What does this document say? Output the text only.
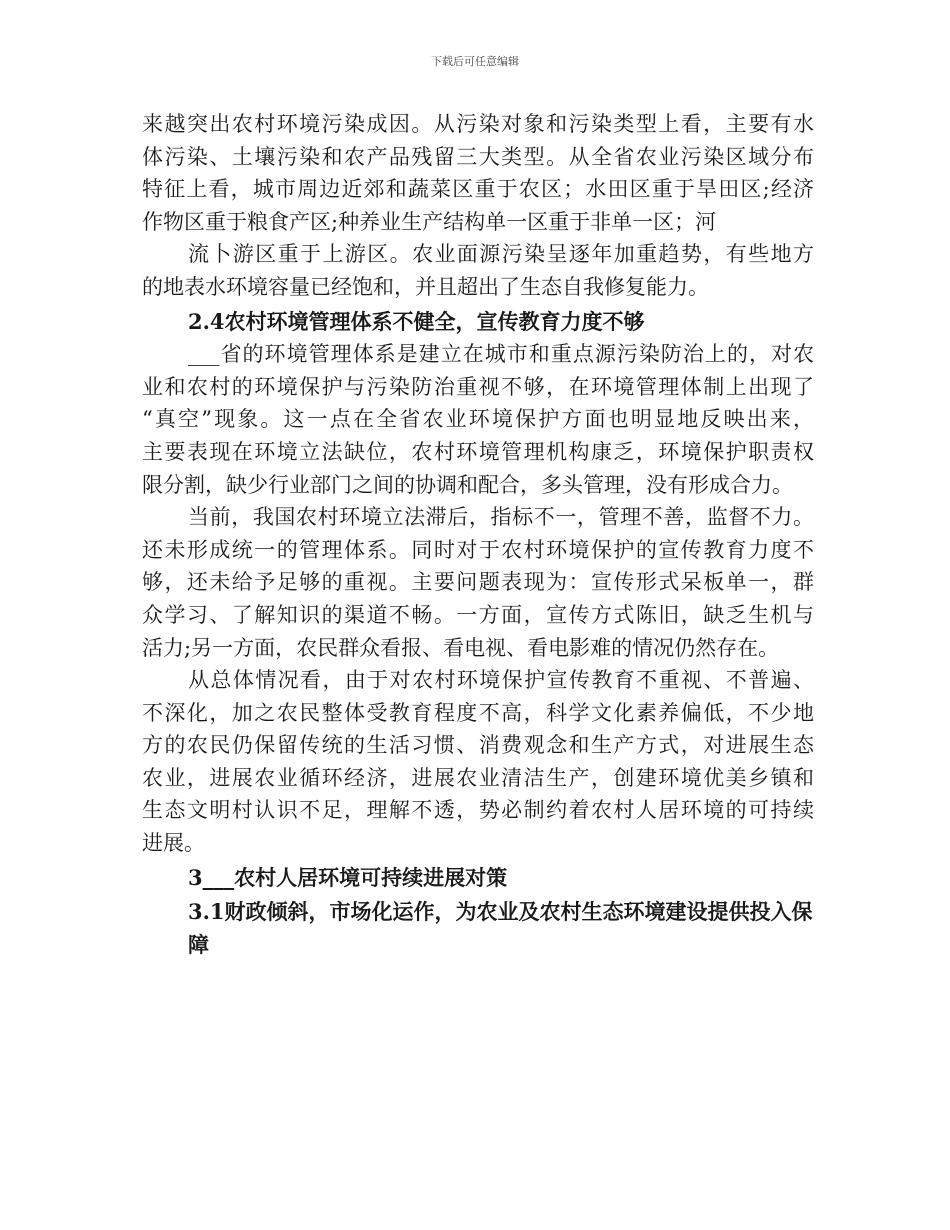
下载后可任意编辑
来越突出农村环境污染成因。从污染对象和污染类型上看，主要有水
体污染、土壤污染和农产品残留三大类型。从全省农业污染区域分布
特征上看，城市周边近郊和蔬菜区重于农区；水田区重于旱田区;经济
作物区重于粮食产区;种养业生产结构单一区重于非单一区；河
流卜游区重于上游区。农业面源污染呈逐年加重趋势，有些地方
的地表水环境容量已经饱和，并且超出了生态自我修复能力。
2.4农村环境管理体系不健全，宣传教育力度不够
___省的环境管理体系是建立在城市和重点源污染防治上的，对农
业和农村的环境保护与污染防治重视不够，在环境管理体制上出现了
“真空”现象。这一点在全省农业环境保护方面也明显地反映出来，
主要表现在环境立法缺位，农村环境管理机构康乏，环境保护职责权
限分割，缺少行业部门之间的协调和配合，多头管理，没有形成合力。
当前，我国农村环境立法滞后，指标不一，管理不善，监督不力。
还未形成统一的管理体系。同时对于农村环境保护的宣传教育力度不
够，还未给予足够的重视。主要问题表现为：宣传形式呆板单一，群
众学习、了解知识的渠道不畅。一方面，宣传方式陈旧，缺乏生机与
活力;另一方面，农民群众看报、看电视、看电影难的情况仍然存在。
从总体情况看，由于对农村环境保护宣传教育不重视、不普遍、
不深化，加之农民整体受教育程度不高，科学文化素养偏低，不少地
方的农民仍保留传统的生活习惯、消费观念和生产方式，对进展生态
农业，进展农业循环经济，进展农业清洁生产，创建环境优美乡镇和
生态文明村认识不足，理解不透，势必制约着农村人居环境的可持续
进展。
3___农村人居环境可持续进展对策
3.1财政倾斜，市场化运作，为农业及农村生态环境建设提供投入保障
